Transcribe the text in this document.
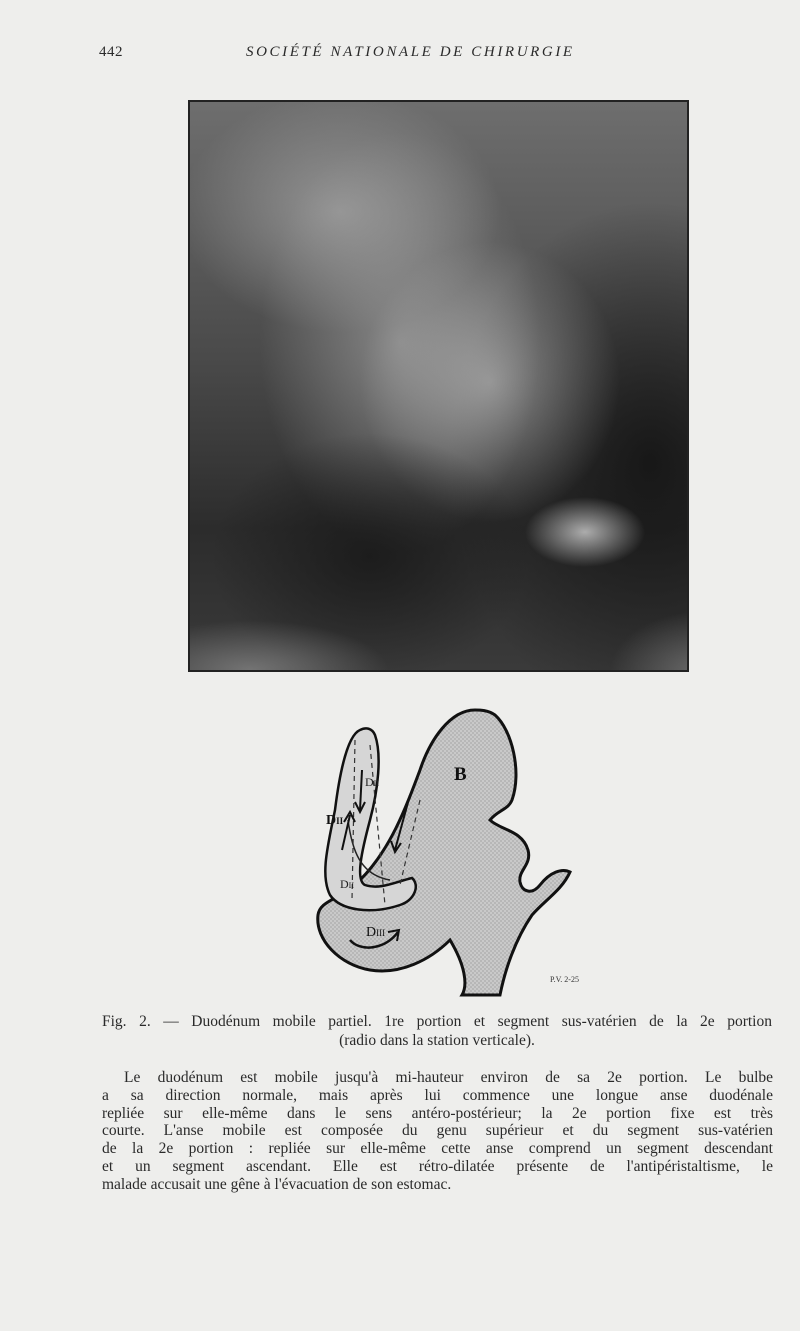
442	SOCIÉTÉ NATIONALE DE CHIRURGIE
B
DII
DII
DII
DIII
P.V. 2-25
Fig. 2. — Duodénum mobile partiel. 1re portion et segment sus-vatérien de la 2e portion
(radio dans la station verticale).
Le duodénum est mobile jusqu'à mi-hauteur environ de sa 2e portion. Le bulbe
a sa direction normale, mais après lui commence une longue anse duodénale
repliée sur elle-même dans le sens antéro-postérieur; la 2e portion fixe est très
courte. L'anse mobile est composée du genu supérieur et du segment sus-vatérien
de la 2e portion : repliée sur elle-même cette anse comprend un segment descendant
et un segment ascendant. Elle est rétro-dilatée présente de l'antipéristaltisme, le
malade accusait une gêne à l'évacuation de son estomac.
